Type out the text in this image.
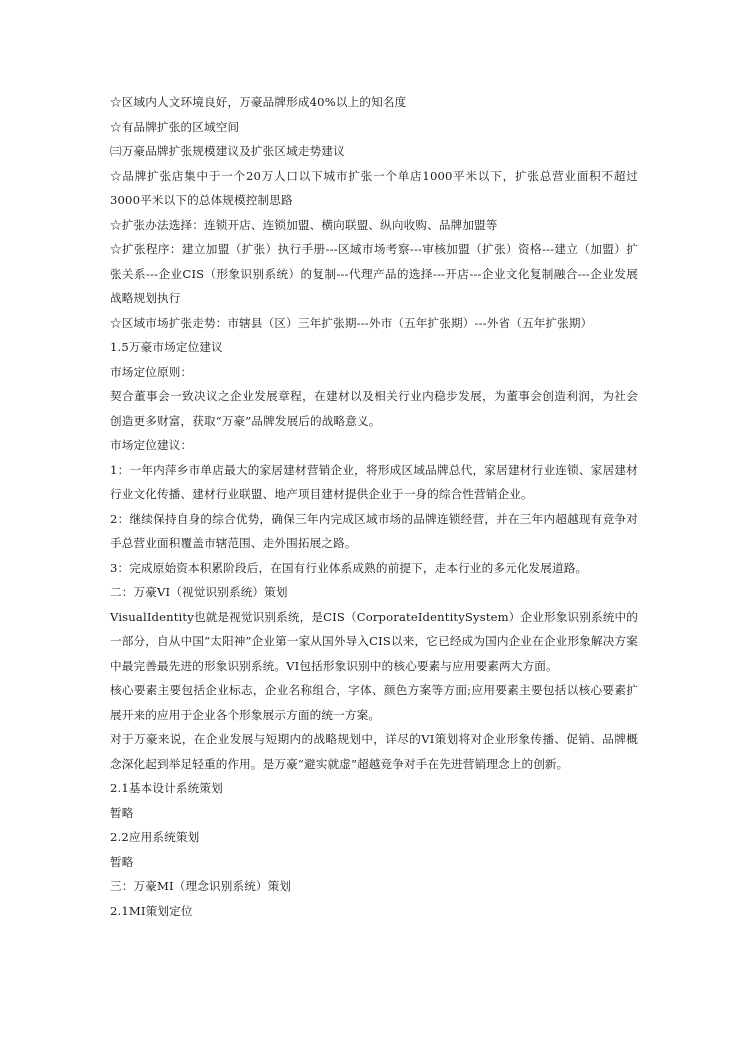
☆区域内人文环境良好，万豪品牌形成40%以上的知名度

☆有品牌扩张的区域空间

㈢万豪品牌扩张规模建议及扩张区域走势建议

☆品牌扩张店集中于一个20万人口以下城市扩张一个单店1000平米以下，扩张总营业面积不超过3000平米以下的总体规模控制思路

☆扩张办法选择：连锁开店、连锁加盟、横向联盟、纵向收购、品牌加盟等

☆扩张程序：建立加盟（扩张）执行手册---区域市场考察---审核加盟（扩张）资格---建立（加盟）扩张关系---企业CIS（形象识别系统）的复制---代理产品的选择---开店---企业文化复制融合---企业发展战略规划执行

☆区域市场扩张走势：市辖县（区）三年扩张期---外市（五年扩张期）---外省（五年扩张期）

1.5万豪市场定位建议

市场定位原则：

契合董事会一致决议之企业发展章程，在建材以及相关行业内稳步发展，为董事会创造利润，为社会创造更多财富，获取“万豪”品牌发展后的战略意义。

市场定位建议：

1：一年内萍乡市单店最大的家居建材营销企业，将形成区域品牌总代，家居建材行业连锁、家居建材行业文化传播、建材行业联盟、地产项目建材提供企业于一身的综合性营销企业。

2：继续保持自身的综合优势，确保三年内完成区域市场的品牌连锁经营，并在三年内超越现有竞争对手总营业面积覆盖市辖范围、走外围拓展之路。

3：完成原始资本积累阶段后，在国有行业体系成熟的前提下，走本行业的多元化发展道路。

二：万豪VI（视觉识别系统）策划

VisualIdentity也就是视觉识别系统，是CIS（CorporateIdentitySystem）企业形象识别系统中的一部分，自从中国“太阳神”企业第一家从国外导入CIS以来，它已经成为国内企业在企业形象解决方案中最完善最先进的形象识别系统。VI包括形象识别中的核心要素与应用要素两大方面。

核心要素主要包括企业标志，企业名称组合，字体、颜色方案等方面;应用要素主要包括以核心要素扩展开来的应用于企业各个形象展示方面的统一方案。

对于万豪来说，在企业发展与短期内的战略规划中，详尽的VI策划将对企业形象传播、促销、品牌概念深化起到举足轻重的作用。是万豪“避实就虚”超越竞争对手在先进营销理念上的创新。

2.1基本设计系统策划

暂略

2.2应用系统策划

暂略

三：万豪MI（理念识别系统）策划

2.1MI策划定位
